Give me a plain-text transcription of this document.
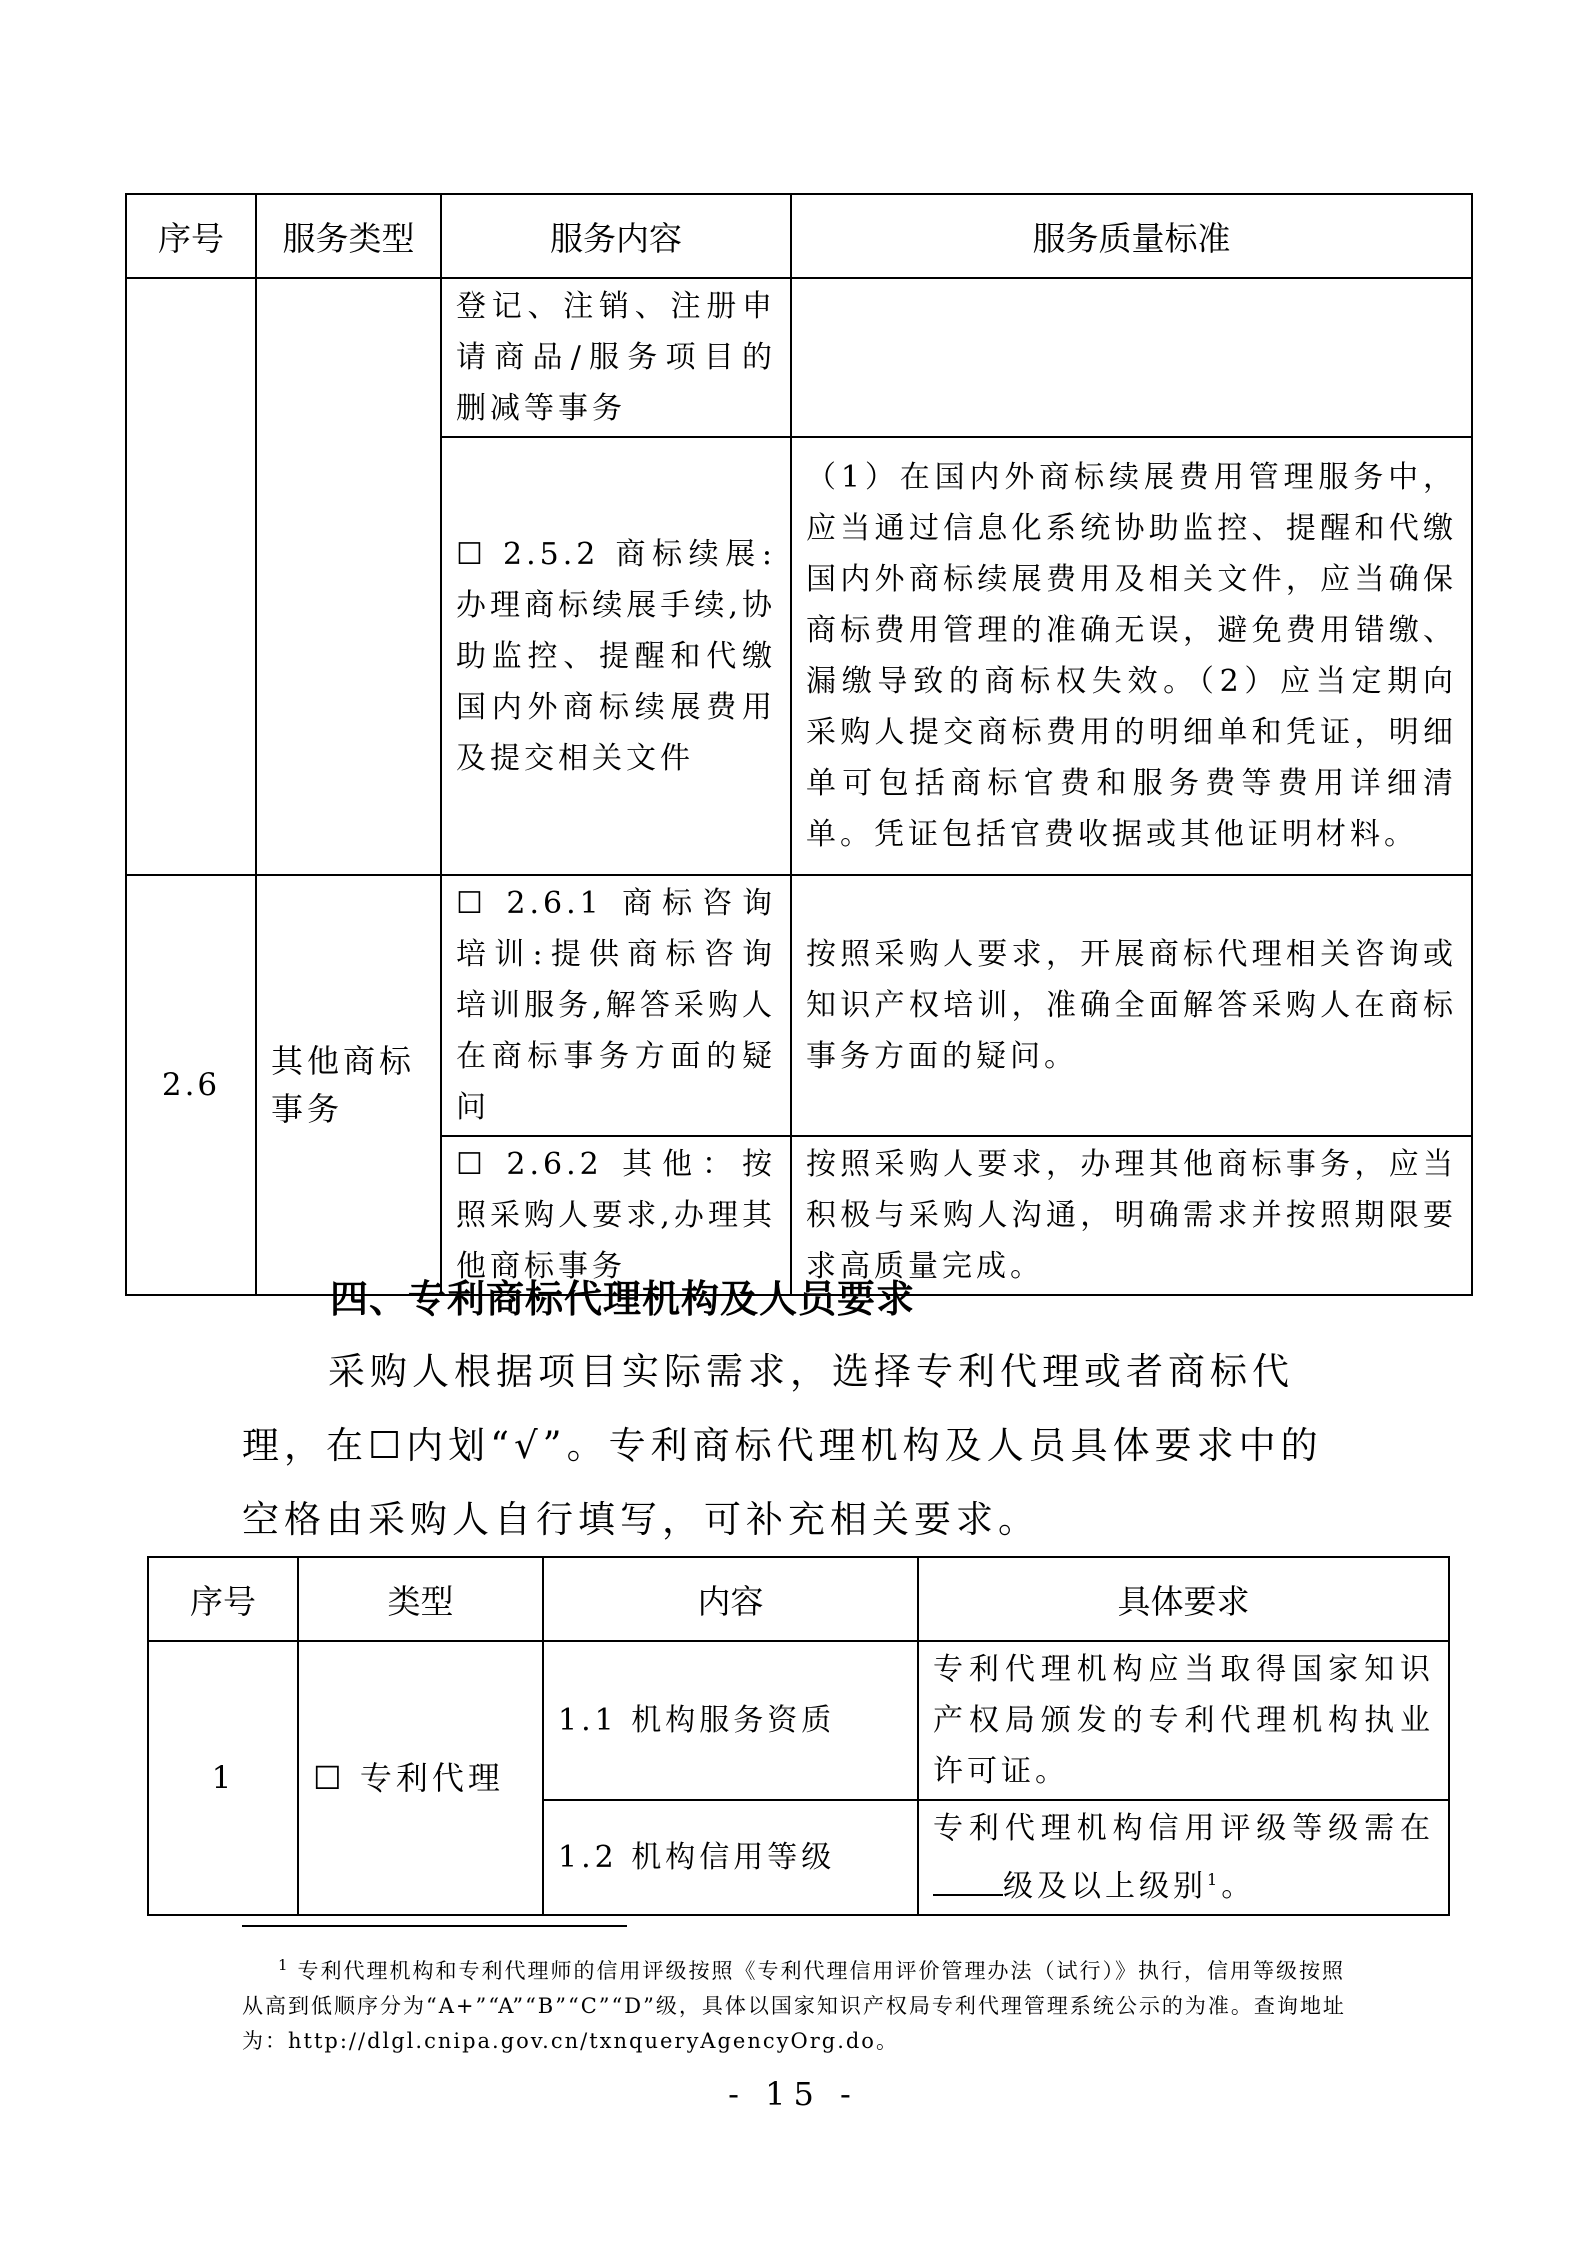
序号	服务类型	服务内容	服务质量标准
		登记、注销、注册申请商品/服务项目的删减等事务	
		☐ 2.5.2 商标续展:办理商标续展手续,协助监控、提醒和代缴国内外商标续展费用及提交相关文件	（1）在国内外商标续展费用管理服务中，应当通过信息化系统协助监控、提醒和代缴国内外商标续展费用及相关文件，应当确保商标费用管理的准确无误，避免费用错缴、漏缴导致的商标权失效。（2）应当定期向采购人提交商标费用的明细单和凭证，明细单可包括商标官费和服务费等费用详细清单。凭证包括官费收据或其他证明材料。
2.6	其他商标事务	☐ 2.6.1 商标咨询培训:提供商标咨询培训服务,解答采购人在商标事务方面的疑问	按照采购人要求，开展商标代理相关咨询或知识产权培训，准确全面解答采购人在商标事务方面的疑问。
		☐ 2.6.2 其他：按照采购人要求,办理其他商标事务	按照采购人要求，办理其他商标事务，应当积极与采购人沟通，明确需求并按照期限要求高质量完成。
四、专利商标代理机构及人员要求

采购人根据项目实际需求，选择专利代理或者商标代理，在☐内划“√”。专利商标代理机构及人员具体要求中的空格由采购人自行填写，可补充相关要求。

序号	类型	内容	具体要求
1	☐ 专利代理	1.1 机构服务资质	专利代理机构应当取得国家知识产权局颁发的专利代理机构执业许可证。
		1.2 机构信用等级	专利代理机构信用评级等级需在级及以上级别$^1$。

$^1$ 专利代理机构和专利代理师的信用评级按照《专利代理信用评价管理办法（试行）》执行，信用等级按照从高到低顺序分为“A+”“A”“B”“C”“D”级，具体以国家知识产权局专利代理管理系统公示的为准。查询地址为：http://dlgl.cnipa.gov.cn/txnqueryAgencyOrg.do。

- 15 -
